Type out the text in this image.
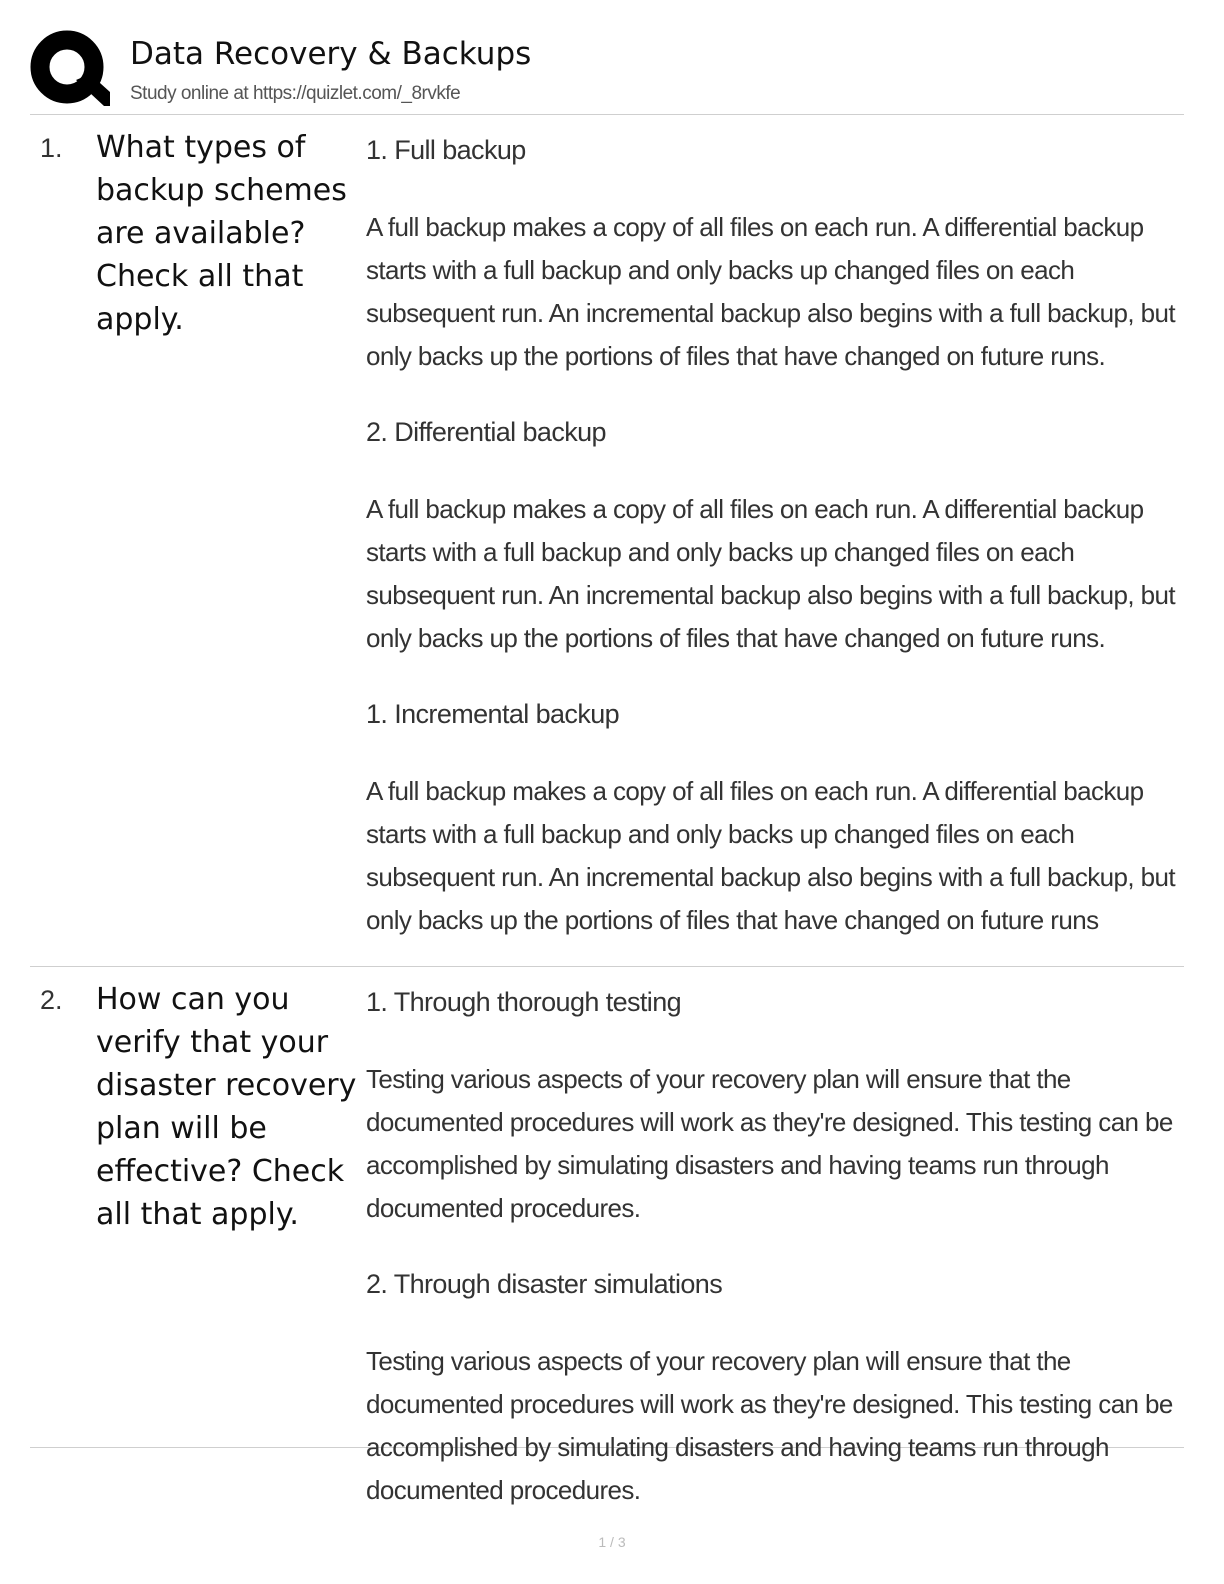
Data Recovery & Backups
Study online at https://quizlet.com/_8rvkfe
1. What types of backup schemes are available? Check all that apply.
1. Full backup
A full backup makes a copy of all files on each run. A differential backup starts with a full backup and only backs up changed files on each subsequent run. An incremental backup also begins with a full backup, but only backs up the portions of files that have changed on future runs.
2. Differential backup
A full backup makes a copy of all files on each run. A differential backup starts with a full backup and only backs up changed files on each subsequent run. An incremental backup also begins with a full backup, but only backs up the portions of files that have changed on future runs.
1. Incremental backup
A full backup makes a copy of all files on each run. A differential backup starts with a full backup and only backs up changed files on each subsequent run. An incremental backup also begins with a full backup, but only backs up the portions of files that have changed on future runs
2. How can you verify that your disaster recovery plan will be effective? Check all that apply.
1. Through thorough testing
Testing various aspects of your recovery plan will ensure that the documented procedures will work as they're designed. This testing can be accomplished by simulating disasters and having teams run through documented procedures.
2. Through disaster simulations
Testing various aspects of your recovery plan will ensure that the documented procedures will work as they're designed. This testing can be accomplished by simulating disasters and having teams run through documented procedures.
1 / 3
